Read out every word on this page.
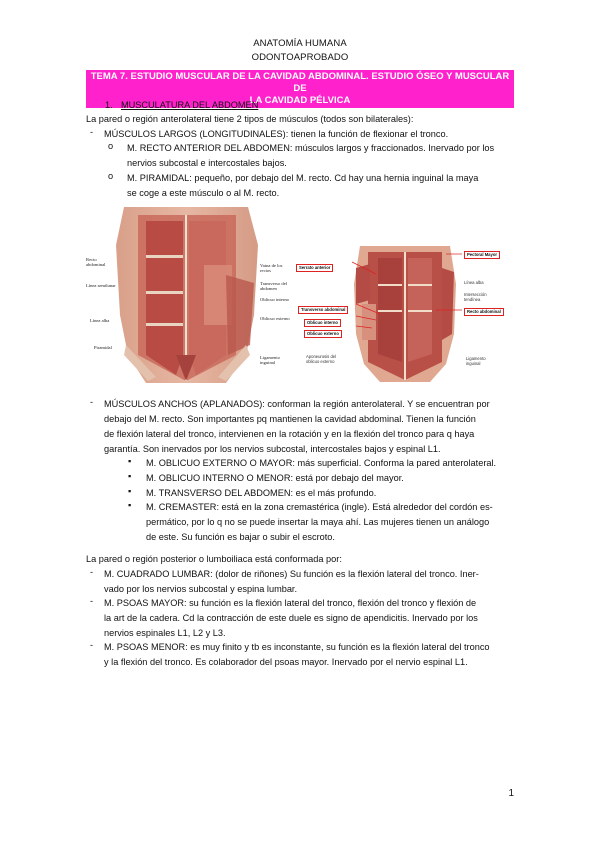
ANATOMÍA HUMANA
ODONTOAPROBADO
TEMA 7. ESTUDIO MUSCULAR DE LA CAVIDAD ABDOMINAL. ESTUDIO ÓSEO Y MUSCULAR DE
LA CAVIDAD PÉLVICA
1. MUSCULATURA DEL ABDOMEN
La pared o región anterolateral tiene 2 tipos de músculos (todos son bilaterales):
- MÚSCULOS LARGOS (LONGITUDINALES): tienen la función de flexionar el tronco.
o M. RECTO ANTERIOR DEL ABDOMEN: músculos largos y fraccionados. Inervado por los
nervios subcostal e intercostales bajos.
o M. PIRAMIDAL: pequeño, por debajo del M. recto. Cd hay una hernia inguinal la maya
se coge a este músculo o al M. recto.
Recto abdominal
Línea semilunar
Línea alba
Piramidal
Vaina de los rectos
Transverso del abdomen
Oblicuo interno
Oblicuo externo
Ligamento inguinal
Serrato anterior
Transverso abdominal
Oblicuo interno
Oblicuo externo
Aponeurosis del oblicuo externo
Pectoral Mayor
Línea alba
Intersección tendínea
Recto abdominal
Ligamento inguinal
- MÚSCULOS ANCHOS (APLANADOS): conforman la región anterolateral. Y se encuentran por
debajo del M. recto. Son importantes pq mantienen la cavidad abdominal. Tienen la función
de flexión lateral del tronco, intervienen en la rotación y en la flexión del tronco para q haya
garantía. Son inervados por los nervios subcostal, intercostales bajos y espinal L1.
▪ M. OBLICUO EXTERNO O MAYOR: más superficial. Conforma la pared anterolateral.
▪ M. OBLICUO INTERNO O MENOR: está por debajo del mayor.
▪ M. TRANSVERSO DEL ABDOMEN: es el más profundo.
▪ M. CREMASTER: está en la zona cremastérica (ingle). Está alrededor del cordón es-
permático, por lo q no se puede insertar la maya ahí. Las mujeres tienen un análogo
de este. Su función es bajar o subir el escroto.
La pared o región posterior o lumboiliaca está conformada por:
- M. CUADRADO LUMBAR: (dolor de riñones) Su función es la flexión lateral del tronco. Iner-
vado por los nervios subcostal y espina lumbar.
- M. PSOAS MAYOR: su función es la flexión lateral del tronco, flexión del tronco y flexión de
la art de la cadera. Cd la contracción de este duele es signo de apendicitis. Inervado por los
nervios espinales L1, L2 y L3.
- M. PSOAS MENOR: es muy finito y tb es inconstante, su función es la flexión lateral del tronco
y la flexión del tronco. Es colaborador del psoas mayor. Inervado por el nervio espinal L1.
1
